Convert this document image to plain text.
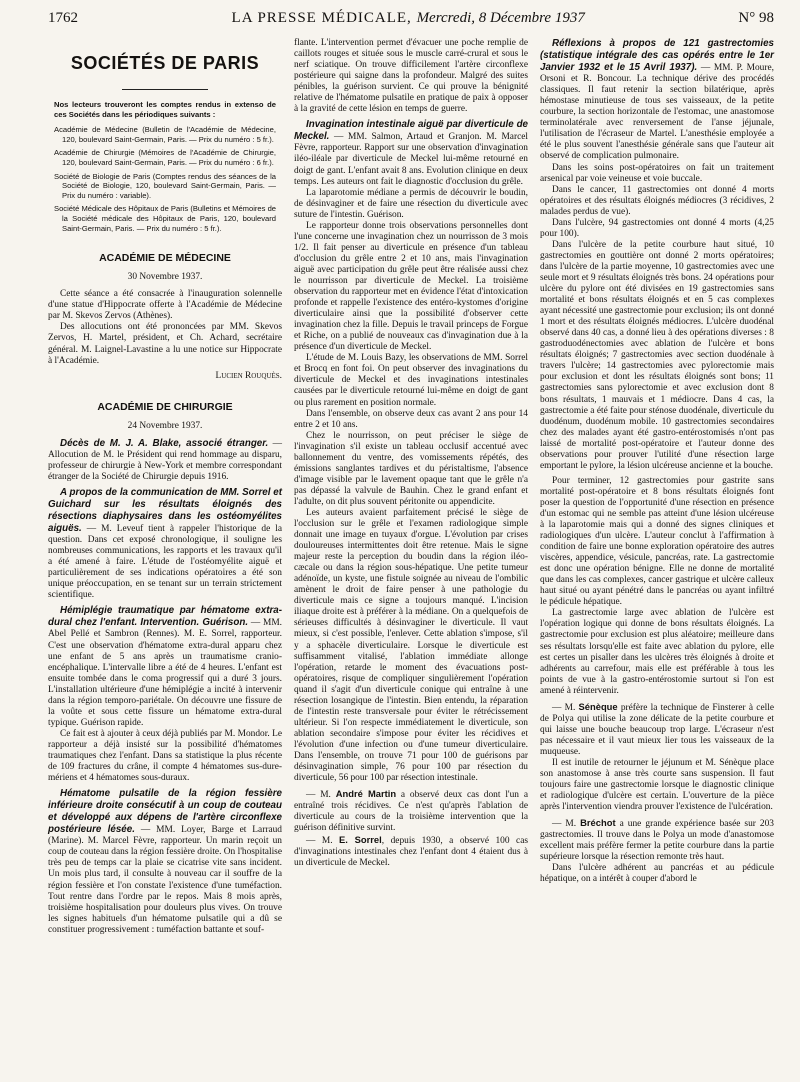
1762	LA PRESSE MÉDICALE, Mercredi, 8 Décembre 1937	N° 98
SOCIÉTÉS DE PARIS

Nos lecteurs trouveront les comptes rendus in extenso de ces Sociétés dans les périodiques suivants :

Académie de Médecine (Bulletin de l'Académie de Médecine, 120, boulevard Saint-Germain, Paris. — Prix du numéro : 5 fr.).

Académie de Chirurgie (Mémoires de l'Académie de Chirurgie, 120, boulevard Saint-Germain, Paris. — Prix du numéro : 6 fr.).

Société de Biologie de Paris (Comptes rendus des séances de la Société de Biologie, 120, boulevard Saint-Germain, Paris. — Prix du numéro : variable).

Société Médicale des Hôpitaux de Paris (Bulletins et Mémoires de la Société médicale des Hôpitaux de Paris, 120, boulevard Saint-Germain, Paris. — Prix du numéro : 5 fr.).

ACADÉMIE DE MÉDECINE
30 Novembre 1937.

Cette séance a été consacrée à l'inauguration solennelle d'une statue d'Hippocrate offerte à l'Académie de Médecine par M. Skevos Zervos (Athènes).

Des allocutions ont été prononcées par MM. Skevos Zervos, H. Martel, président, et Ch. Achard, secrétaire général. M. Laignel-Lavastine a lu une notice sur Hippocrate à l'Académie.

Lucien Rouquès.
ACADÉMIE DE CHIRURGIE
24 Novembre 1937.

Décès de M. J. A. Blake, associé étranger. — Allocution de M. le Président qui rend hommage au disparu, professeur de chirurgie à New-York et membre correspondant étranger de la Société de Chirurgie depuis 1916.

A propos de la communication de MM. Sorrel et Guichard sur les résultats éloignés des résections diaphysaires dans les ostéomyélites aiguës. — M. Leveuf tient à rappeler l'historique de la question. Dans cet exposé chronologique, il souligne les nombreuses communications, les rapports et les travaux qu'il a été amené à faire. L'étude de l'ostéomyélite aiguë et particulièrement de ses indications opératoires a été son unique préoccupation, en se tenant sur un terrain strictement scientifique.

Hémiplégie traumatique par hématome extra-dural chez l'enfant. Intervention. Guérison. — MM. Abel Pellé et Sambron (Rennes). M. E. Sorrel, rapporteur. C'est une observation d'hématome extra-dural apparu chez une enfant de 5 ans après un traumatisme cranio-encéphalique. L'intervalle libre a été de 4 heures. L'enfant est ensuite tombée dans le coma progressif qui a duré 3 jours. L'installation ultérieure d'une hémiplégie a incité à intervenir dans la région temporo-pariétale. On découvre une fissure de la voûte et sous cette fissure un hématome extra-dural typique. Guérison rapide.

Ce fait est à ajouter à ceux déjà publiés par M. Mondor. Le rapporteur a déjà insisté sur la possibilité d'hématomes traumatiques chez l'enfant. Dans sa statistique la plus récente de 109 fractures du crâne, il compte 4 hématomes sus-dure-mériens et 4 hématomes sous-duraux.

Hématome pulsatile de la région fessière inférieure droite consécutif à un coup de couteau et développé aux dépens de l'artère circonflexe postérieure lésée. — MM. Loyer, Barge et Larraud (Marine). M. Marcel Fèvre, rapporteur. Un marin reçoit un coup de couteau dans la région fessière droite. On l'hospitalise très peu de temps car la plaie se cicatrise vite sans incident. Un mois plus tard, il consulte à nouveau car il souffre de la région fessière et l'on constate l'existence d'une tuméfaction. Tout rentre dans l'ordre par le repos. Mais 8 mois après, troisième hospitalisation pour douleurs plus vives. On trouve les signes habituels d'un hématome pulsatile qui a dû se constituer progressivement : tuméfaction battante et souf-

flante. L'intervention permet d'évacuer une poche remplie de caillots rouges et située sous le muscle carré-crural et sous le nerf sciatique. On trouve difficilement l'artère circonflexe postérieure qui saigne dans la profondeur. Malgré des suites pénibles, la guérison survient. Ce qui prouve la bénignité relative de l'hématome pulsatile en pratique de paix à opposer à la gravité de cette lésion en temps de guerre.

Invagination intestinale aiguë par diverticule de Meckel. — MM. Salmon, Artaud et Granjon. M. Marcel Fèvre, rapporteur. Rapport sur une observation d'invagination iléo-iléale par diverticule de Meckel lui-même retourné en doigt de gant. L'enfant avait 8 ans. Evolution clinique en deux temps. Les auteurs ont fait le diagnostic d'occlusion du grêle.

La laparotomie médiane a permis de découvrir le boudin, de désinvaginer et de faire une résection du diverticule avec suture de l'intestin. Guérison.

Le rapporteur donne trois observations personnelles dont l'une concerne une invagination chez un nourrisson de 3 mois 1/2. Il fait penser au diverticule en présence d'un tableau d'occlusion du grêle entre 2 et 10 ans, mais l'invagination aiguë avec participation du grêle peut être réalisée aussi chez le nourrisson par diverticule de Meckel. La troisième observation du rapporteur met en évidence l'état d'intoxication profonde et rappelle l'existence des entéro-kystomes d'origine diverticulaire ainsi que la possibilité d'observer cette invagination chez la fille. Depuis le travail princeps de Forgue et Riche, on a publié de nouveaux cas d'invagination due à la présence d'un diverticule de Meckel.

L'étude de M. Louis Bazy, les observations de MM. Sorrel et Brocq en font foi. On peut observer des invaginations du diverticule de Meckel et des invaginations intestinales causées par le diverticule retourné lui-même en doigt de gant ou plus rarement en position normale.

Dans l'ensemble, on observe deux cas avant 2 ans pour 14 entre 2 et 10 ans.

Chez le nourrisson, on peut préciser le siège de l'invagination s'il existe un tableau occlusif accentué avec ballonnement du ventre, des vomissements répétés, des émissions sanglantes tardives et du péristaltisme, l'absence d'image visible par le lavement opaque tant que le grêle n'a pas dépassé la valvule de Bauhin. Chez le grand enfant et l'adulte, on dit plus souvent péritonite ou appendicite.

Les auteurs avaient parfaitement précisé le siège de l'occlusion sur le grêle et l'examen radiologique simple donnait une image en tuyaux d'orgue. L'évolution par crises douloureuses intermittentes doit être retenue. Mais le signe majeur reste la perception du boudin dans la région iléo-cæcale ou dans la région sous-hépatique. Une petite tumeur adénoïde, un kyste, une fistule soignée au niveau de l'ombilic amènent le droit de faire penser à une pathologie du diverticule mais ce signe a toujours manqué. L'incision iliaque droite est à préférer à la médiane. On a quelquefois de sérieuses difficultés à désinvaginer le diverticule. Il vaut mieux, si c'est possible, l'enlever. Cette ablation s'impose, s'il y a sphacèle diverticulaire. Lorsque le diverticule est suffisamment vitalisé, l'ablation immédiate allonge l'opération, retarde le moment des évacuations post-opératoires, risque de compliquer singulièrement l'opération quand il s'agit d'un diverticule conique qui entraîne à une résection losangique de l'intestin. Bien entendu, la réparation de l'intestin reste transversale pour éviter le rétrécissement ultérieur. Si l'on respecte immédiatement le diverticule, son ablation secondaire s'impose pour éviter les récidives et l'évolution d'une infection ou d'une tumeur diverticulaire. Dans l'ensemble, on trouve 71 pour 100 de guérisons par désinvagination simple, 76 pour 100 par résection du diverticule, 56 pour 100 par résection intestinale.

— M. André Martin a observé deux cas dont l'un a entraîné trois récidives. Ce n'est qu'après l'ablation de diverticule au cours de la troisième intervention que la guérison définitive survint.

— M. E. Sorrel, depuis 1930, a observé 100 cas d'invaginations intestinales chez l'enfant dont 4 étaient dus à un diverticule de Meckel.

Réflexions à propos de 121 gastrectomies (statistique intégrale des cas opérés entre le 1er Janvier 1932 et le 15 Avril 1937). — MM. P. Moure, Orsoni et R. Boncour. La technique dérive des procédés classiques. Il faut retenir la section bilatérique, après hémostase minutieuse de tous ses vaisseaux, de la petite courbure, la section horizontale de l'estomac, une anastomose terminolatérale avec renversement de l'anse jéjunale, l'utilisation de l'écraseur de Martel. L'anesthésie employée a été le plus souvent l'anesthésie générale sans que l'auteur ait observé de complication pulmonaire.

Dans les soins post-opératoires on fait un traitement arsenical par voie veineuse et voie buccale.

Dans le cancer, 11 gastrectomies ont donné 4 morts opératoires et des résultats éloignés médiocres (3 récidives, 2 malades perdus de vue).

Dans l'ulcère, 94 gastrectomies ont donné 4 morts (4,25 pour 100).

Dans l'ulcère de la petite courbure haut situé, 10 gastrectomies en gouttière ont donné 2 morts opératoires; dans l'ulcère de la partie moyenne, 10 gastrectomies avec une seule mort et 9 résultats éloignés très bons. 24 opérations pour ulcère du pylore ont été divisées en 19 gastrectomies sans mortalité et bons résultats éloignés et en 5 cas complexes ayant nécessité une gastrectomie pour exclusion; ils ont donné 1 mort et des résultats éloignés médiocres. L'ulcère duodénal observé dans 40 cas, a donné lieu à des opérations diverses : 8 gastroduodénectomies avec ablation de l'ulcère et bons résultats éloignés; 7 gastrectomies avec section duodénale à travers l'ulcère; 14 gastrectomies avec pylorectomie mais pour exclusion et dont les résultats éloignés sont bons; 11 gastrectomies sans pylorectomie et avec exclusion dont 8 bons résultats, 1 mauvais et 1 médiocre. Dans 4 cas, la gastrectomie a été faite pour sténose duodénale, diverticule du duodénum, duodénum mobile. 10 gastrectomies secondaires chez des malades ayant été gastro-entérostomisés n'ont pas laissé de mortalité post-opératoire et l'auteur donne des observations pour prouver l'utilité d'une résection large emportant le pylore, la lésion ulcéreuse ancienne et la bouche.

Pour terminer, 12 gastrectomies pour gastrite sans mortalité post-opératoire et 8 bons résultats éloignés font poser la question de l'opportunité d'une résection en présence d'un estomac qui ne semble pas atteint d'une lésion ulcéreuse à la laparotomie mais qui a donné des signes cliniques et radiologiques d'un ulcère. L'auteur conclut à l'affirmation à condition de faire une bonne exploration opératoire des autres viscères, appendice, vésicule, pancréas, rate. La gastrectomie est donc une opération bénigne. Elle ne donne de mortalité que dans les cas complexes, cancer gastrique et ulcère calleux haut situé ou ayant pénétré dans le pancréas ou ayant infiltré le pédicule hépatique.

La gastrectomie large avec ablation de l'ulcère est l'opération logique qui donne de bons résultats éloignés. La gastrectomie pour exclusion est plus aléatoire; meilleure dans ses résultats lorsqu'elle est faite avec ablation du pylore, elle est certes un pisaller dans les ulcères très éloignés à droite et adhérents au carrefour, mais elle est préférable à tous les points de vue à la gastro-entérostomie surtout si l'on est amené à réintervenir.

— M. Sénèque préfère la technique de Finsterer à celle de Polya qui utilise la zone délicate de la petite courbure et qui laisse une bouche beaucoup trop large. L'écraseur n'est pas nécessaire et il vaut mieux lier tous les vaisseaux de la muqueuse.

Il est inutile de retourner le jéjunum et M. Sénèque place son anastomose à anse très courte sans suspension. Il faut toujours faire une gastrectomie lorsque le diagnostic clinique et radiologique d'ulcère est certain. L'ouverture de la pièce après l'intervention viendra prouver l'existence de l'ulcération.

— M. Bréchot a une grande expérience basée sur 203 gastrectomies. Il trouve dans le Polya un mode d'anastomose excellent mais préfère fermer la petite courbure dans la partie supérieure lorsque la résection remonte très haut.

Dans l'ulcère adhérent au pancréas et au pédicule hépatique, on a intérêt à couper d'abord le
